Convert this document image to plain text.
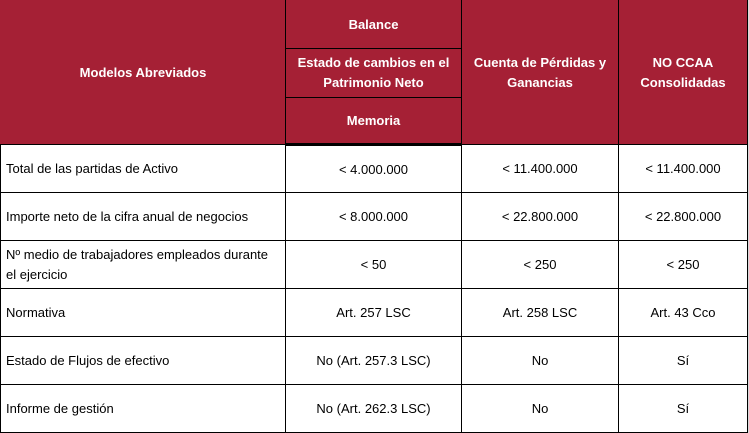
Modelos Abreviados	Balance	Cuenta de Pérdidas y Ganancias	NO CCAA Consolidadas
	Estado de cambios en el Patrimonio Neto		
	Memoria		
Total de las partidas de Activo	< 4.000.000	< 11.400.000	< 11.400.000
Importe neto de la cifra anual de negocios	< 8.000.000	< 22.800.000	< 22.800.000
Nº medio de trabajadores empleados durante el ejercicio	< 50	< 250	< 250
Normativa	Art. 257 LSC	Art. 258 LSC	Art. 43 Cco
Estado de Flujos de efectivo	No (Art. 257.3 LSC)	No	Sí
Informe de gestión	No (Art. 262.3 LSC)	No	Sí
